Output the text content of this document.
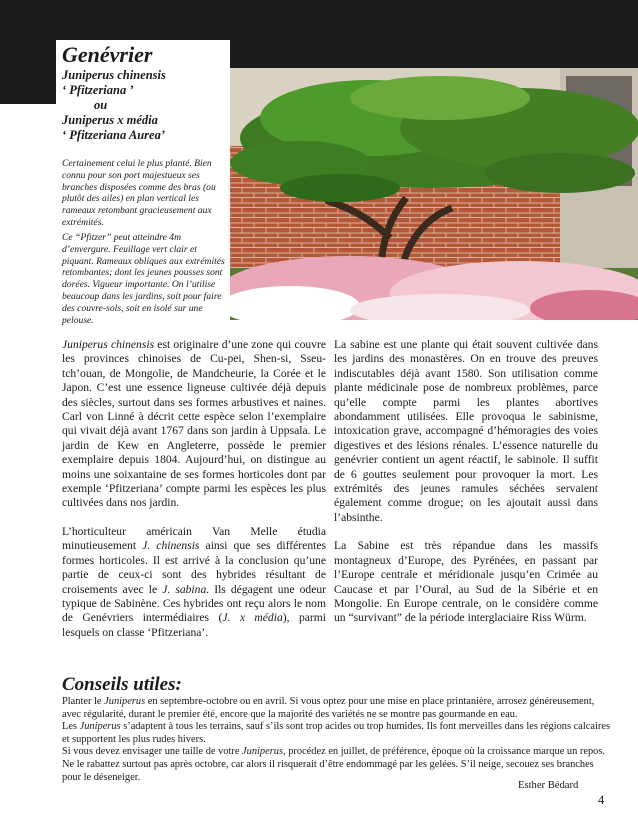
Genévrier
Juniperus chinensis
‘ Pfitzeriana ’
ou
Juniperus x média
‘ Pfitzeriana Aurea’
Certainement celui le plus planté. Bien connu pour son port majestueux ses branches disposées comme des bras (ou plutôt des ailes) en plan vertical les rameaux retombant gracieusement aux extrémités.
Ce “Pfitzer” peut atteindre 4m d’envergure. Feuillage vert clair et piquant. Rameaux obliques aux extrémités retombantes; dont les jeunes pousses sont dorées. Vigueur importante. On l’utilise beaucoup dans les jardins, soit pour faire des couvre-sols, soit en isolé sur une pelouse.

Juniperus chinensis est originaire d’une zone qui couvre les provinces chinoises de Cu-pei, Shen-si, Sseu-tch’ouan, de Mongolie, de Mandcheurie, la Corée et le Japon. C’est une essence ligneuse cultivée déjà depuis des siècles, surtout dans ses formes arbustives et naines. Carl von Linné à décrit cette espèce selon l’exemplaire qui vivait déjà avant 1767 dans son jardin à Uppsala. Le jardin de Kew en Angleterre, possède le premier exemplaire depuis 1804. Aujourd’hui, on distingue au moins une soixantaine de ses formes horticoles dont par exemple ‘Pfitzeriana’ compte parmi les espèces les plus cultivées dans nos jardin.

L’horticulteur américain Van Melle étudia minutieusement J. chinensis ainsi que ses différentes formes horticoles. Il est arrivé à la conclusion qu’une partie de ceux-ci sont des hybrides résultant de croisements avec le J. sabina. Ils dégagent une odeur typique de Sabinène. Ces hybrides ont reçu alors le nom de Genévriers intermédiaires (J. x média), parmi lesquels on classe ‘Pfitzeriana’.

La sabine est une plante qui était souvent cultivée dans les jardins des monastères. On en trouve des preuves indiscutables déjà avant 1580. Son utilisation comme plante médicinale pose de nombreux problèmes, parce qu’elle compte parmi les plantes abortives abondamment utilisées. Elle provoqua le sabinisme, intoxication grave, accompagné d’hémoragies des voies digestives et des lésions rénales. L’essence naturelle du genévrier contient un agent réactif, le sabinole. Il suffit de 6 gouttes seulement pour provoquer la mort. Les extrémités des jeunes ramules séchées servaient également comme drogue; on les ajoutait aussi dans l’absinthe.

La Sabine est très répandue dans les massifs montagneux d’Europe, des Pyrénées, en passant par l’Europe centrale et méridionale jusqu’en Crimée au Caucase et par l’Oural, au Sud de la Sibérie et en Mongolie. En Europe centrale, on le considère comme un “survivant” de la période interglaciaire Riss Würm.

Conseils utiles:

Planter le Juniperus en septembre-octobre ou en avril. Si vous optez pour une mise en place printanière, arrosez généreusement, avec régularité, durant le premier été, encore que la majorité des variétés ne se montre pas gourmande en eau.

Les Juniperus s’adaptent à tous les terrains, sauf s’ils sont trop acides ou trop humides. Ils font merveilles dans les régions calcaires et supportent les plus rudes hivers.

Si vous devez envisager une taille de votre Juniperus, procédez en juillet, de préférence, époque où la croissance marque un repos. Ne le rabattez surtout pas après octobre, car alors il risquerait d’être endommagé par les gelées. S’il neige, secouez ses branches pour le déseneiger.

Esther Bédard
4
